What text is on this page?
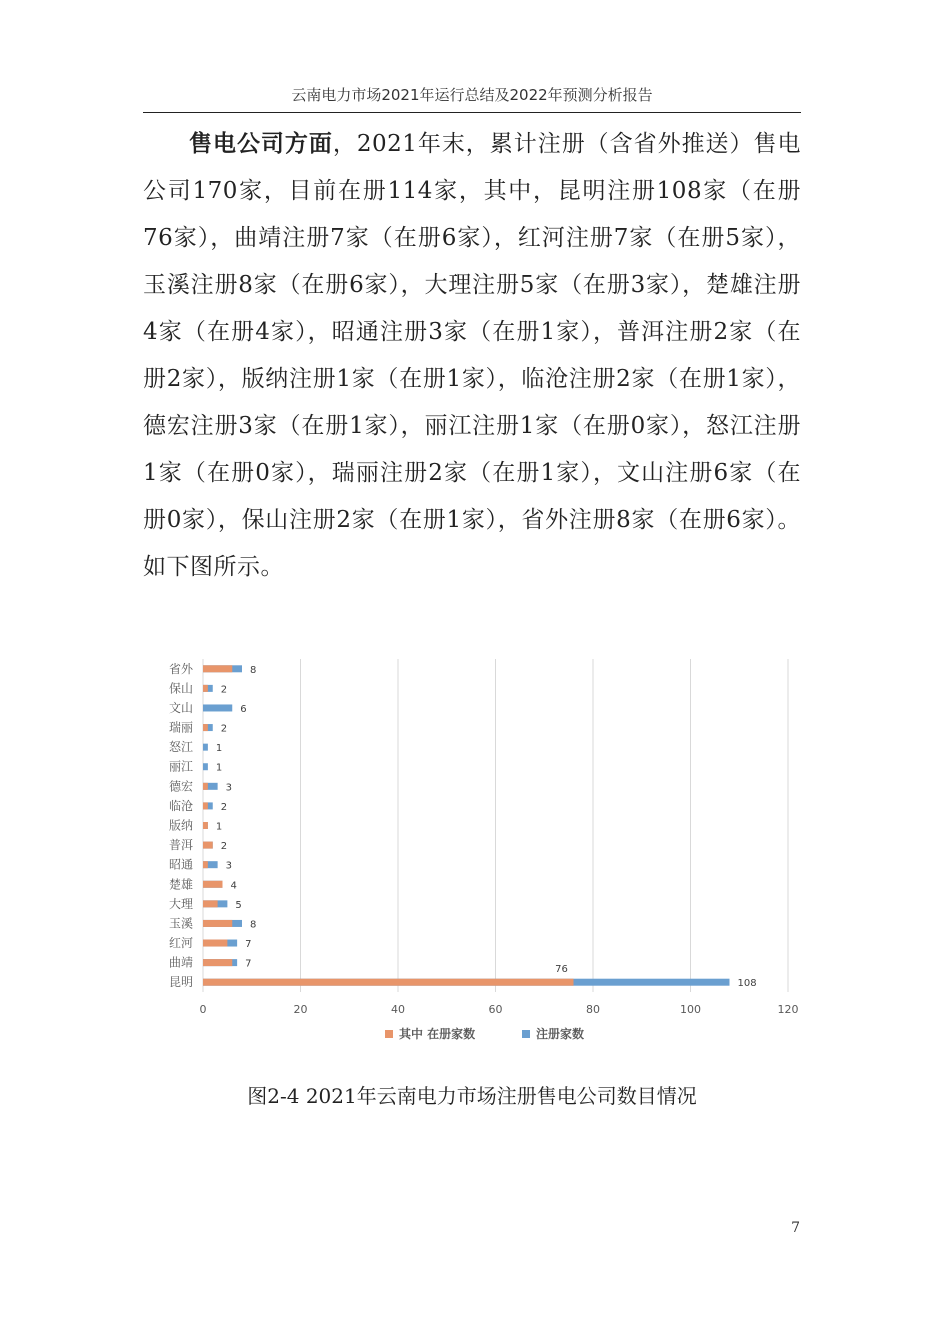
云南电力市场2021年运行总结及2022年预测分析报告

售电公司方面，2021年末，累计注册（含省外推送）售电公司170家，目前在册114家，其中，昆明注册108家（在册76家），曲靖注册7家（在册6家），红河注册7家（在册5家），玉溪注册8家（在册6家），大理注册5家（在册3家），楚雄注册4家（在册4家），昭通注册3家（在册1家），普洱注册2家（在册2家），版纳注册1家（在册1家），临沧注册2家（在册1家），德宏注册3家（在册1家），丽江注册1家（在册0家），怒江注册1家（在册0家），瑞丽注册2家（在册1家），文山注册6家（在册0家），保山注册2家（在册1家），省外注册8家（在册6家）。如下图所示。

0	20	40	60	80	100	120
昆明	108
曲靖	7
红河	7
玉溪	8
大理	5
楚雄	4
昭通	3
普洱	2
版纳 1
临沧	2
德宏	3
丽江 1
怒江 1
瑞丽	2
文山	6
保山	2
省外	8
76
其中 在册家数	注册家数
图2-4 2021年云南电力市场注册售电公司数目情况
7
